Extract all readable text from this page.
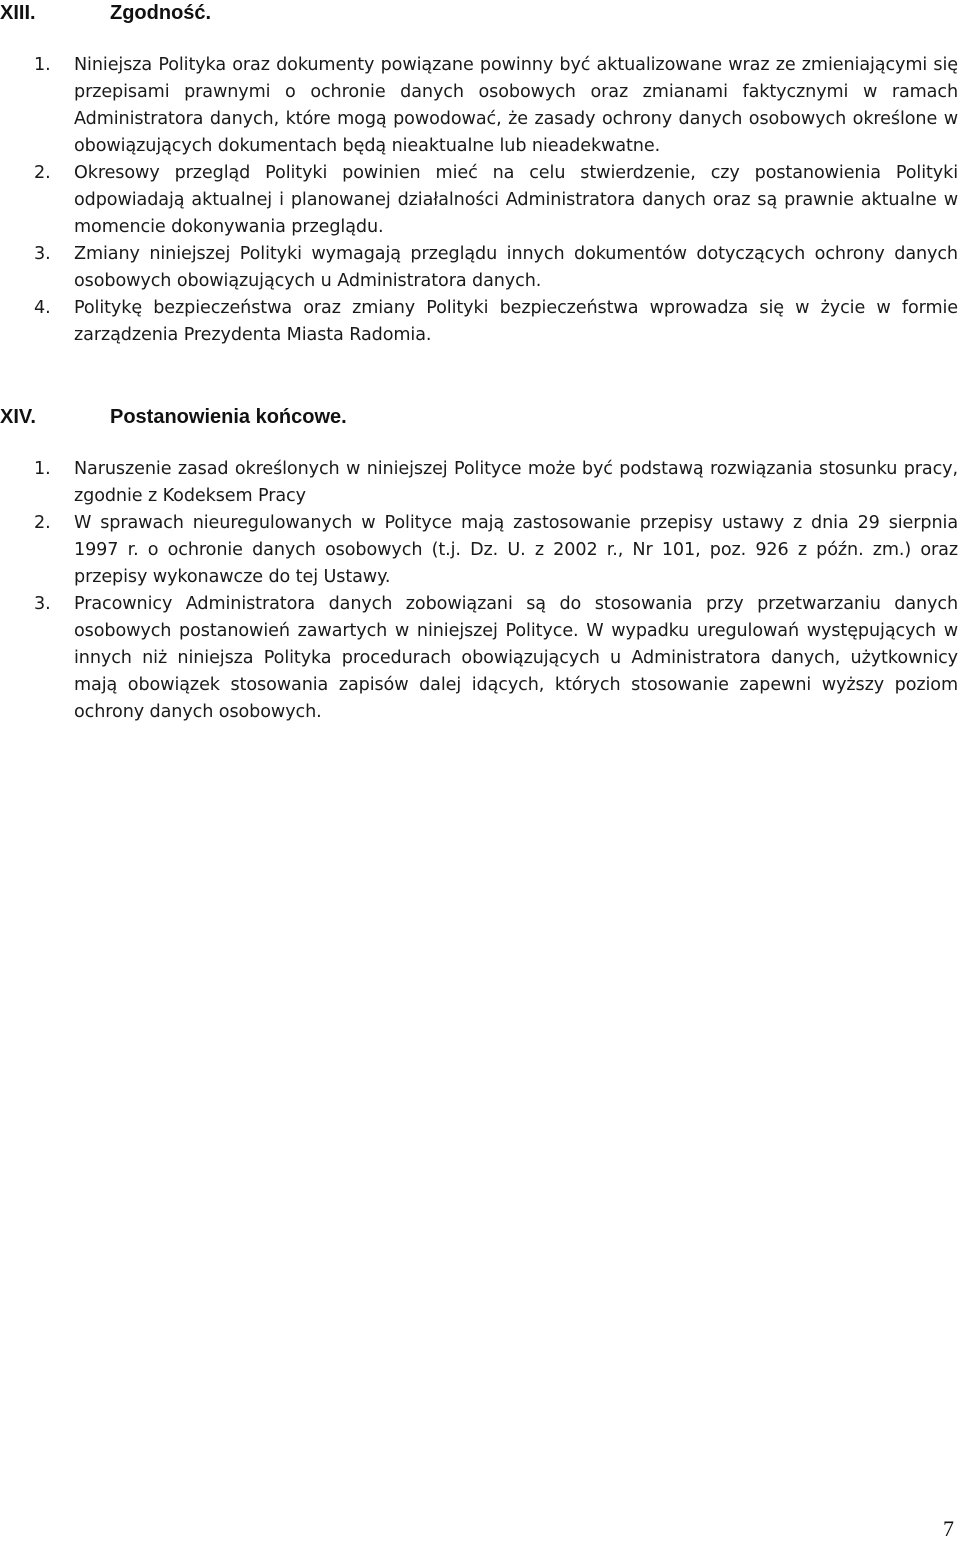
XIII.	Zgodność.
1.	Niniejsza Polityka oraz dokumenty powiązane powinny być aktualizowane wraz ze zmieniającymi się przepisami prawnymi o ochronie danych osobowych oraz zmianami faktycznymi w ramach Administratora danych, które mogą powodować, że zasady ochrony danych osobowych określone w obowiązujących dokumentach będą nieaktualne lub nieadekwatne.
2.	Okresowy przegląd Polityki powinien mieć na celu stwierdzenie, czy postanowienia Polityki odpowiadają aktualnej i planowanej działalności Administratora danych oraz są prawnie aktualne w momencie dokonywania przeglądu.
3.	Zmiany niniejszej Polityki wymagają przeglądu innych dokumentów dotyczących ochrony danych osobowych obowiązujących u Administratora danych.
4.	Politykę bezpieczeństwa oraz zmiany Polityki bezpieczeństwa wprowadza się w życie w formie zarządzenia Prezydenta Miasta Radomia.
XIV.	Postanowienia końcowe.
1.	Naruszenie zasad określonych w niniejszej Polityce może być podstawą rozwiązania stosunku pracy, zgodnie z Kodeksem Pracy
2.	W sprawach nieuregulowanych w Polityce mają zastosowanie przepisy ustawy z dnia 29 sierpnia 1997 r. o ochronie danych osobowych (t.j. Dz. U. z 2002 r., Nr 101, poz. 926 z późn. zm.) oraz przepisy wykonawcze do tej Ustawy.
3.	Pracownicy Administratora danych zobowiązani są do stosowania przy przetwarzaniu danych osobowych postanowień zawartych w niniejszej Polityce. W wypadku uregulowań występujących w innych niż niniejsza Polityka procedurach obowiązujących u Administratora danych, użytkownicy mają obowiązek stosowania zapisów dalej idących, których stosowanie zapewni wyższy poziom ochrony danych osobowych.
7
